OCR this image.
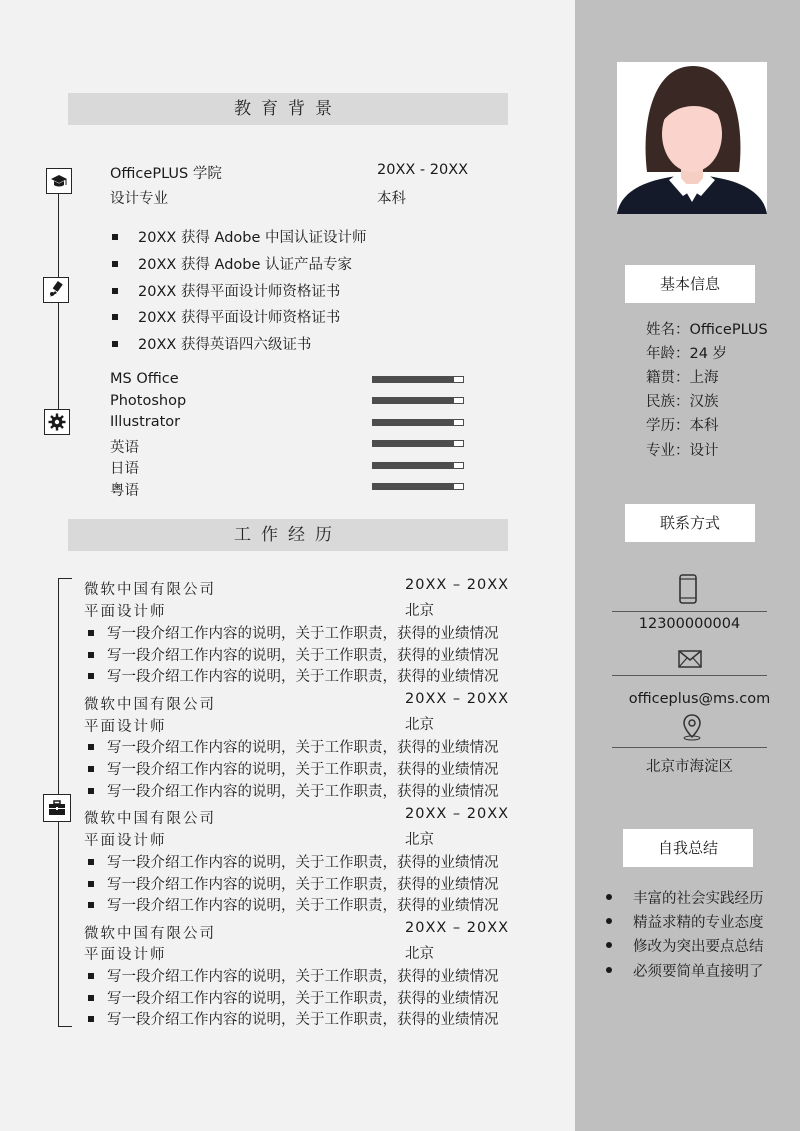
教育背景
OfficePLUS 学院	20XX - 20XX
设计专业	本科
20XX 获得 Adobe 中国认证设计师
20XX 获得 Adobe 认证产品专家
20XX 获得平面设计师资格证书
20XX 获得平面设计师资格证书
20XX 获得英语四六级证书
MS Office
Photoshop
Illustrator
英语
日语
粤语
工作经历
微软中国有限公司	20XX – 20XX
平面设计师	北京
写一段介绍工作内容的说明，关于工作职责，获得的业绩情况
写一段介绍工作内容的说明，关于工作职责，获得的业绩情况
写一段介绍工作内容的说明，关于工作职责，获得的业绩情况
微软中国有限公司	20XX – 20XX
平面设计师	北京
写一段介绍工作内容的说明，关于工作职责，获得的业绩情况
写一段介绍工作内容的说明，关于工作职责，获得的业绩情况
写一段介绍工作内容的说明，关于工作职责，获得的业绩情况
微软中国有限公司	20XX – 20XX
平面设计师	北京
写一段介绍工作内容的说明，关于工作职责，获得的业绩情况
写一段介绍工作内容的说明，关于工作职责，获得的业绩情况
写一段介绍工作内容的说明，关于工作职责，获得的业绩情况
微软中国有限公司	20XX – 20XX
平面设计师	北京
写一段介绍工作内容的说明，关于工作职责，获得的业绩情况
写一段介绍工作内容的说明，关于工作职责，获得的业绩情况
写一段介绍工作内容的说明，关于工作职责，获得的业绩情况
基本信息
姓名：OfficePLUS
年龄：24 岁
籍贯：上海
民族：汉族
学历：本科
专业：设计
联系方式
12300000004
officeplus@ms.com
北京市海淀区
自我总结
丰富的社会实践经历
精益求精的专业态度
修改为突出要点总结
必须要简单直接明了
